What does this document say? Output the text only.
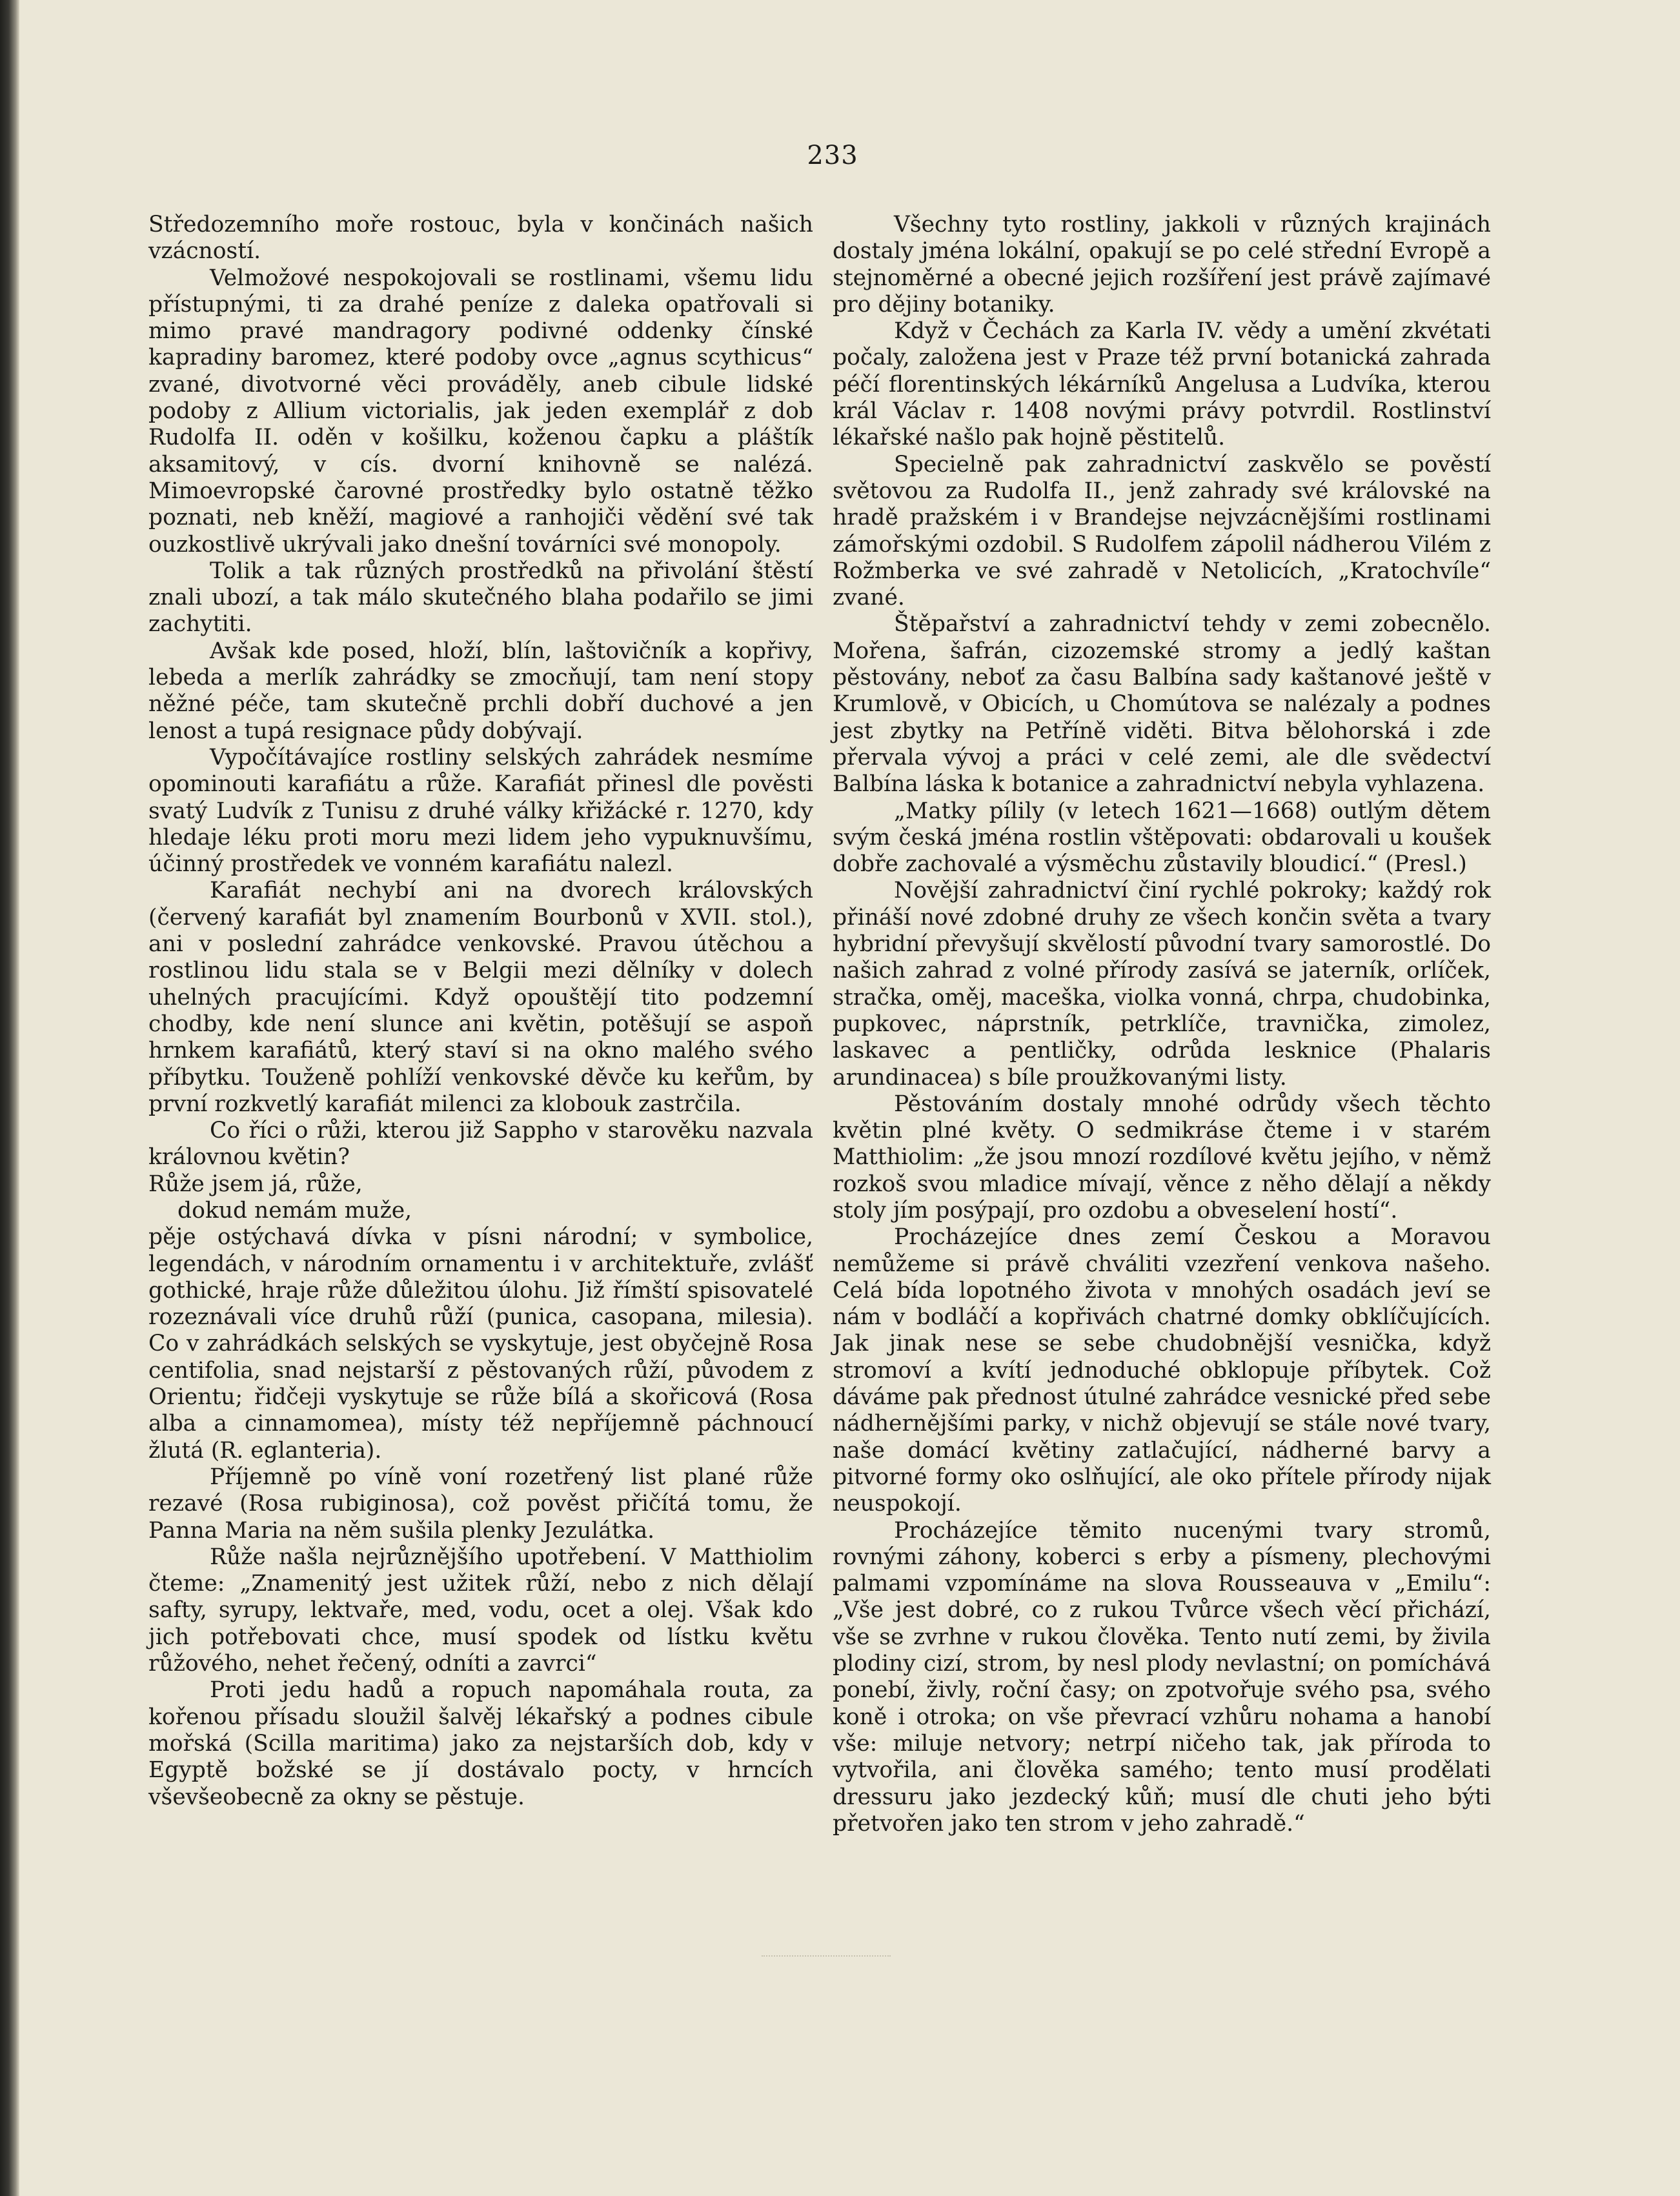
233

Středozemního moře rostouc, byla v končinách našich vzácností.

Velmožové nespokojovali se rostlinami, všemu lidu přístupnými, ti za drahé peníze z daleka opatřovali si mimo pravé mandragory podivné oddenky čínské kapradiny baromez, které podoby ovce „agnus scythicus“ zvané, divotvorné věci prováděly, aneb cibule lidské podoby z Allium victorialis, jak jeden exemplář z dob Rudolfa II. oděn v košilku, koženou čapku a pláštík aksamitový, v cís. dvorní knihovně se nalézá. Mimoevropské čarovné prostředky bylo ostatně těžko poznati, neb kněží, magiové a ranhojiči vědění své tak ouzkostlivě ukrývali jako dnešní továrníci své monopoly.

Tolik a tak různých prostředků na přivolání štěstí znali ubozí, a tak málo skutečného blaha podařilo se jimi zachytiti.

Avšak kde posed, hloží, blín, laštovičník a kopřivy, lebeda a merlík zahrádky se zmocňují, tam není stopy něžné péče, tam skutečně prchli dobří duchové a jen lenost a tupá resignace půdy dobývají.

Vypočítávajíce rostliny selských zahrádek nesmíme opominouti karafiátu a růže. Karafiát přinesl dle pověsti svatý Ludvík z Tunisu z druhé války křižácké r. 1270, kdy hledaje léku proti moru mezi lidem jeho vypuknuvšímu, účinný prostředek ve vonném karafiátu nalezl.

Karafiát nechybí ani na dvorech královských (červený karafiát byl znamením Bourbonů v XVII. stol.), ani v poslední zahrádce venkovské. Pravou útěchou a rostlinou lidu stala se v Belgii mezi dělníky v dolech uhelných pracujícími. Když opouštějí tito podzemní chodby, kde není slunce ani květin, potěšují se aspoň hrnkem karafiátů, který staví si na okno malého svého příbytku. Touženě pohlíží venkovské děvče ku keřům, by první rozkvetlý karafiát milenci za klobouk zastrčila.

Co říci o růži, kterou již Sappho v starověku nazvala královnou květin?

Růže jsem já, růže,
dokud nemám muže,

pěje ostýchavá dívka v písni národní; v symbolice, legendách, v národním ornamentu i v architektuře, zvlášť gothické, hraje růže důležitou úlohu. Již římští spisovatelé rozeznávali více druhů růží (punica, casopana, milesia). Co v zahrádkách selských se vyskytuje, jest obyčejně Rosa centifolia, snad nejstarší z pěstovaných růží, původem z Orientu; řidčeji vyskytuje se růže bílá a skořicová (Rosa alba a cinnamomea), místy též nepříjemně páchnoucí žlutá (R. eglanteria).

Příjemně po víně voní rozetřený list plané růže rezavé (Rosa rubiginosa), což pověst přičítá tomu, že Panna Maria na něm sušila plenky Jezulátka.

Růže našla nejrůznějšího upotřebení. V Matthiolim čteme: „Znamenitý jest užitek růží, nebo z nich dělají safty, syrupy, lektvaře, med, vodu, ocet a olej. Však kdo jich potřebovati chce, musí spodek od lístku květu růžového, nehet řečený, odníti a zavrci“

Proti jedu hadů a ropuch napomáhala routa, za kořenou přísadu sloužil šalvěj lékařský a podnes cibule mořská (Scilla maritima) jako za nejstarších dob, kdy v Egyptě božské se jí dostávalo pocty, v hrncích vševšeobecně za okny se pěstuje.

Všechny tyto rostliny, jakkoli v různých krajinách dostaly jména lokální, opakují se po celé střední Evropě a stejnoměrné a obecné jejich rozšíření jest právě zajímavé pro dějiny botaniky.

Když v Čechách za Karla IV. vědy a umění zkvétati počaly, založena jest v Praze též první botanická zahrada péčí florentinských lékárníků Angelusa a Ludvíka, kterou král Václav r. 1408 novými právy potvrdil. Rostlinství lékařské našlo pak hojně pěstitelů.

Specielně pak zahradnictví zaskvělo se pověstí světovou za Rudolfa II., jenž zahrady své královské na hradě pražském i v Brandejse nejvzácnějšími rostlinami zámořskými ozdobil. S Rudolfem zápolil nádherou Vilém z Rožmberka ve své zahradě v Netolicích, „Kratochvíle“ zvané.

Štěpařství a zahradnictví tehdy v zemi zobecnělo. Mořena, šafrán, cizozemské stromy a jedlý kaštan pěstovány, neboť za času Balbína sady kaštanové ještě v Krumlově, v Obicích, u Chomútova se nalézaly a podnes jest zbytky na Petříně viděti. Bitva bělohorská i zde přervala vývoj a práci v celé zemi, ale dle svědectví Balbína láska k botanice a zahradnictví nebyla vyhlazena.

„Matky pílily (v letech 1621—1668) outlým dětem svým česká jména rostlin vštěpovati: obdarovali u koušek dobře zachovalé a výsměchu zůstavily bloudicí.“ (Presl.)

Novější zahradnictví činí rychlé pokroky; každý rok přináší nové zdobné druhy ze všech končin světa a tvary hybridní převyšují skvělostí původní tvary samorostlé. Do našich zahrad z volné přírody zasívá se jaterník, orlíček, stračka, oměj, maceška, violka vonná, chrpa, chudobinka, pupkovec, náprstník, petrklíče, travnička, zimolez, laskavec a pentličky, odrůda lesknice (Phalaris arundinacea) s bíle proužkovanými listy.

Pěstováním dostaly mnohé odrůdy všech těchto květin plné květy. O sedmikráse čteme i v starém Matthiolim: „že jsou mnozí rozdílové květu jejího, v němž rozkoš svou mladice mívají, věnce z něho dělají a někdy stoly jím posýpají, pro ozdobu a obveselení hostí“.

Procházejíce dnes zemí Českou a Moravou nemůžeme si právě chváliti vzezření venkova našeho. Celá bída lopotného života v mnohých osadách jeví se nám v bodláčí a kopřivách chatrné domky obklíčujících. Jak jinak nese se sebe chudobnější vesnička, když stromoví a kvítí jednoduché obklopuje příbytek. Což dáváme pak přednost útulné zahrádce vesnické před sebe nádhernějšími parky, v nichž objevují se stále nové tvary, naše domácí květiny zatlačující, nádherné barvy a pitvorné formy oko oslňující, ale oko přítele přírody nijak neuspokojí.

Procházejíce těmito nucenými tvary stromů, rovnými záhony, koberci s erby a písmeny, plechovými palmami vzpomínáme na slova Rousseauva v „Emilu“: „Vše jest dobré, co z rukou Tvůrce všech věcí přichází, vše se zvrhne v rukou člověka. Tento nutí zemi, by živila plodiny cizí, strom, by nesl plody nevlastní; on pomíchává ponebí, živly, roční časy; on zpotvořuje svého psa, svého koně i otroka; on vše převrací vzhůru nohama a hanobí vše: miluje netvory; netrpí ničeho tak, jak příroda to vytvořila, ani člověka samého; tento musí prodělati dressuru jako jezdecký kůň; musí dle chuti jeho býti přetvořen jako ten strom v jeho zahradě.“
